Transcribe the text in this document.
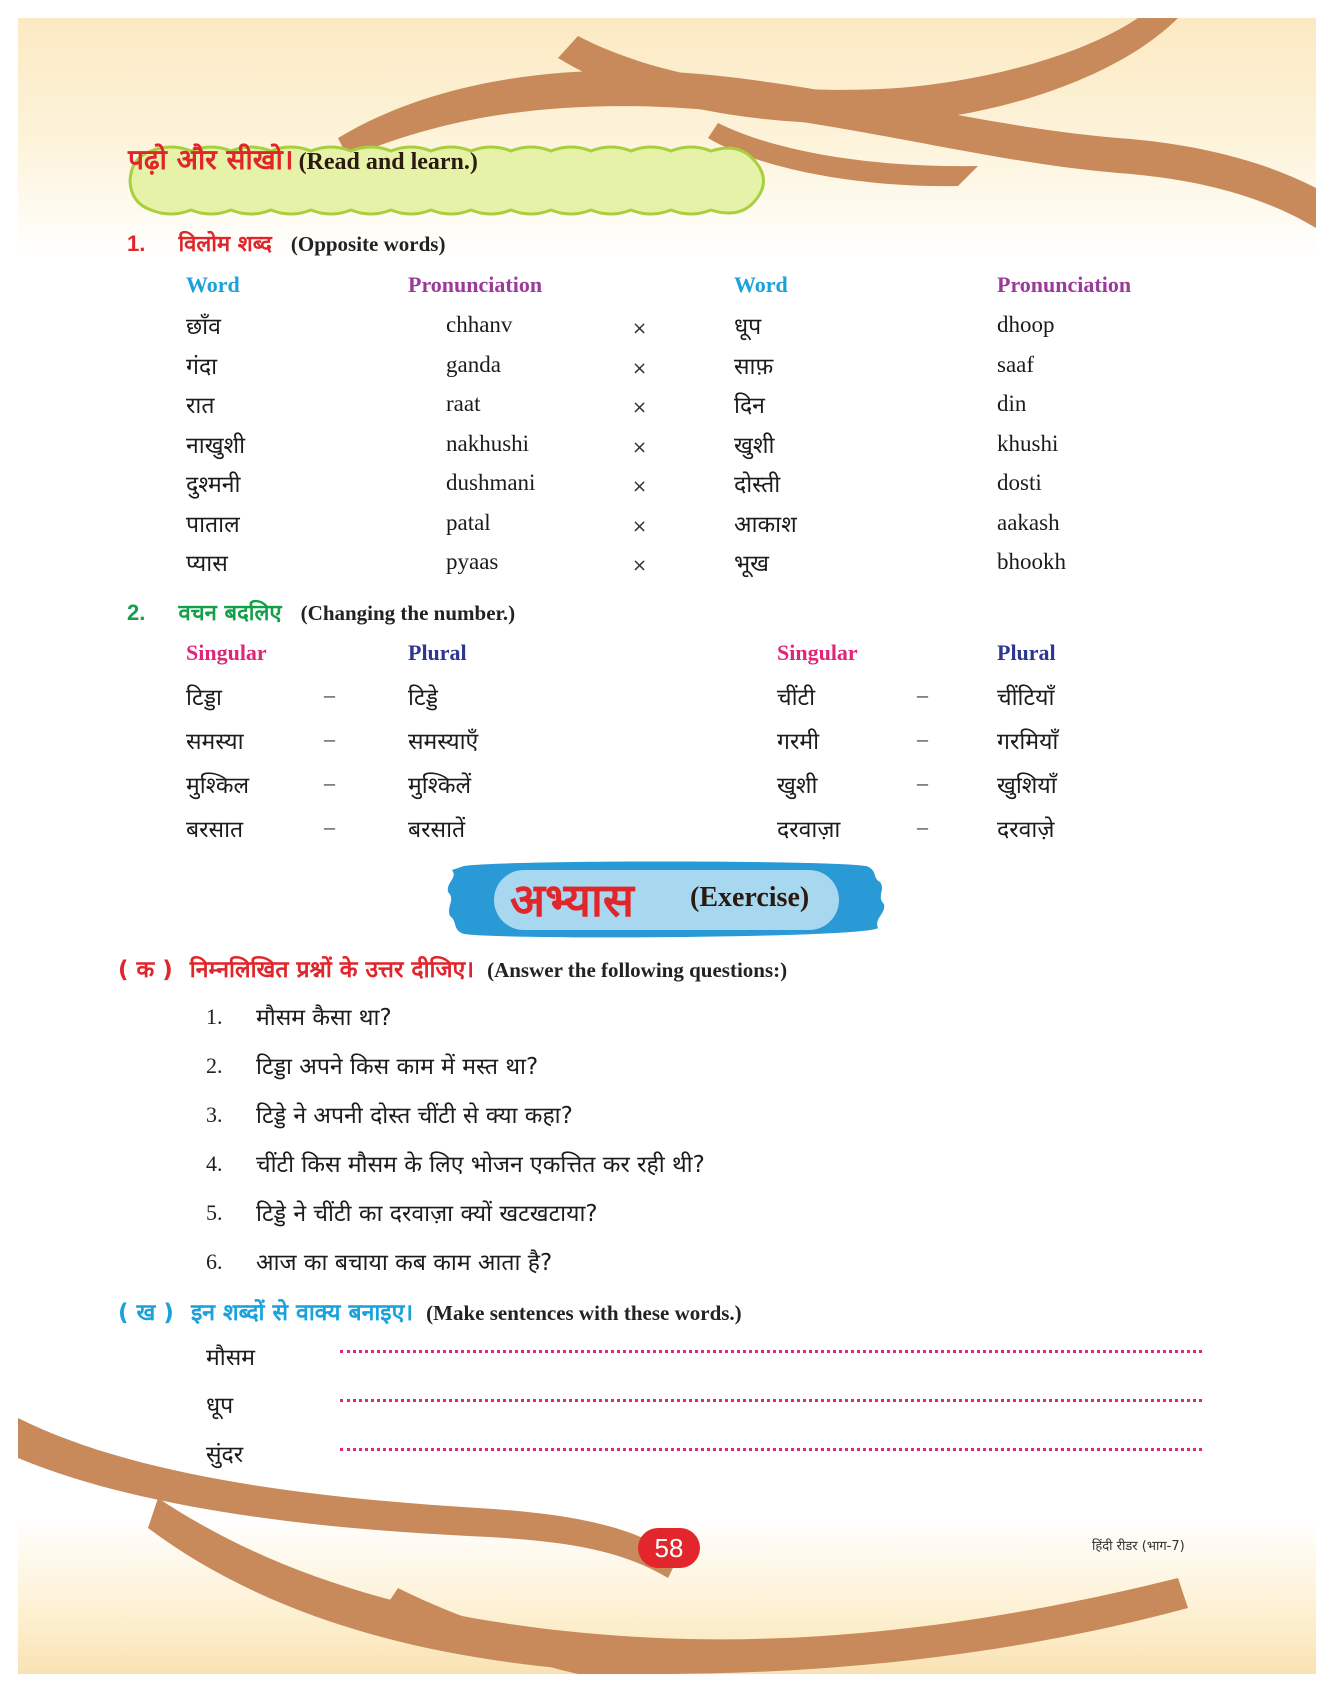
पढ़ो और सीखो। (Read and learn.)
1. विलोम शब्द (Opposite words)
Word	Pronunciation	Word	Pronunciation
छाँव	chhanv	×	धूप	dhoop
गंदा	ganda	×	साफ़	saaf
रात	raat	×	दिन	din
नाखुशी	nakhushi	×	खुशी	khushi
दुश्मनी	dushmani	×	दोस्ती	dosti
पाताल	patal	×	आकाश	aakash
प्यास	pyaas	×	भूख	bhookh
2. वचन बदलिए (Changing the number.)
Singular	Plural	Singular	Plural
टिड्डा	–	टिड्डे	चींटी	–	चींटियाँ
समस्या	–	समस्याएँ	गरमी	–	गरमियाँ
मुश्किल	–	मुश्किलें	खुशी	–	खुशियाँ
बरसात	–	बरसातें	दरवाज़ा	–	दरवाज़े
अभ्यास (Exercise)
( क ) निम्नलिखित प्रश्नों के उत्तर दीजिए। (Answer the following questions:)
1. मौसम कैसा था?
2. टिड्डा अपने किस काम में मस्त था?
3. टिड्डे ने अपनी दोस्त चींटी से क्या कहा?
4. चींटी किस मौसम के लिए भोजन एकत्तित कर रही थी?
5. टिड्डे ने चींटी का दरवाज़ा क्यों खटखटाया?
6. आज का बचाया कब काम आता है?
( ख ) इन शब्दों से वाक्य बनाइए। (Make sentences with these words.)
मौसम
धूप
सुंदर
58	हिंदी रीडर (भाग-7)
